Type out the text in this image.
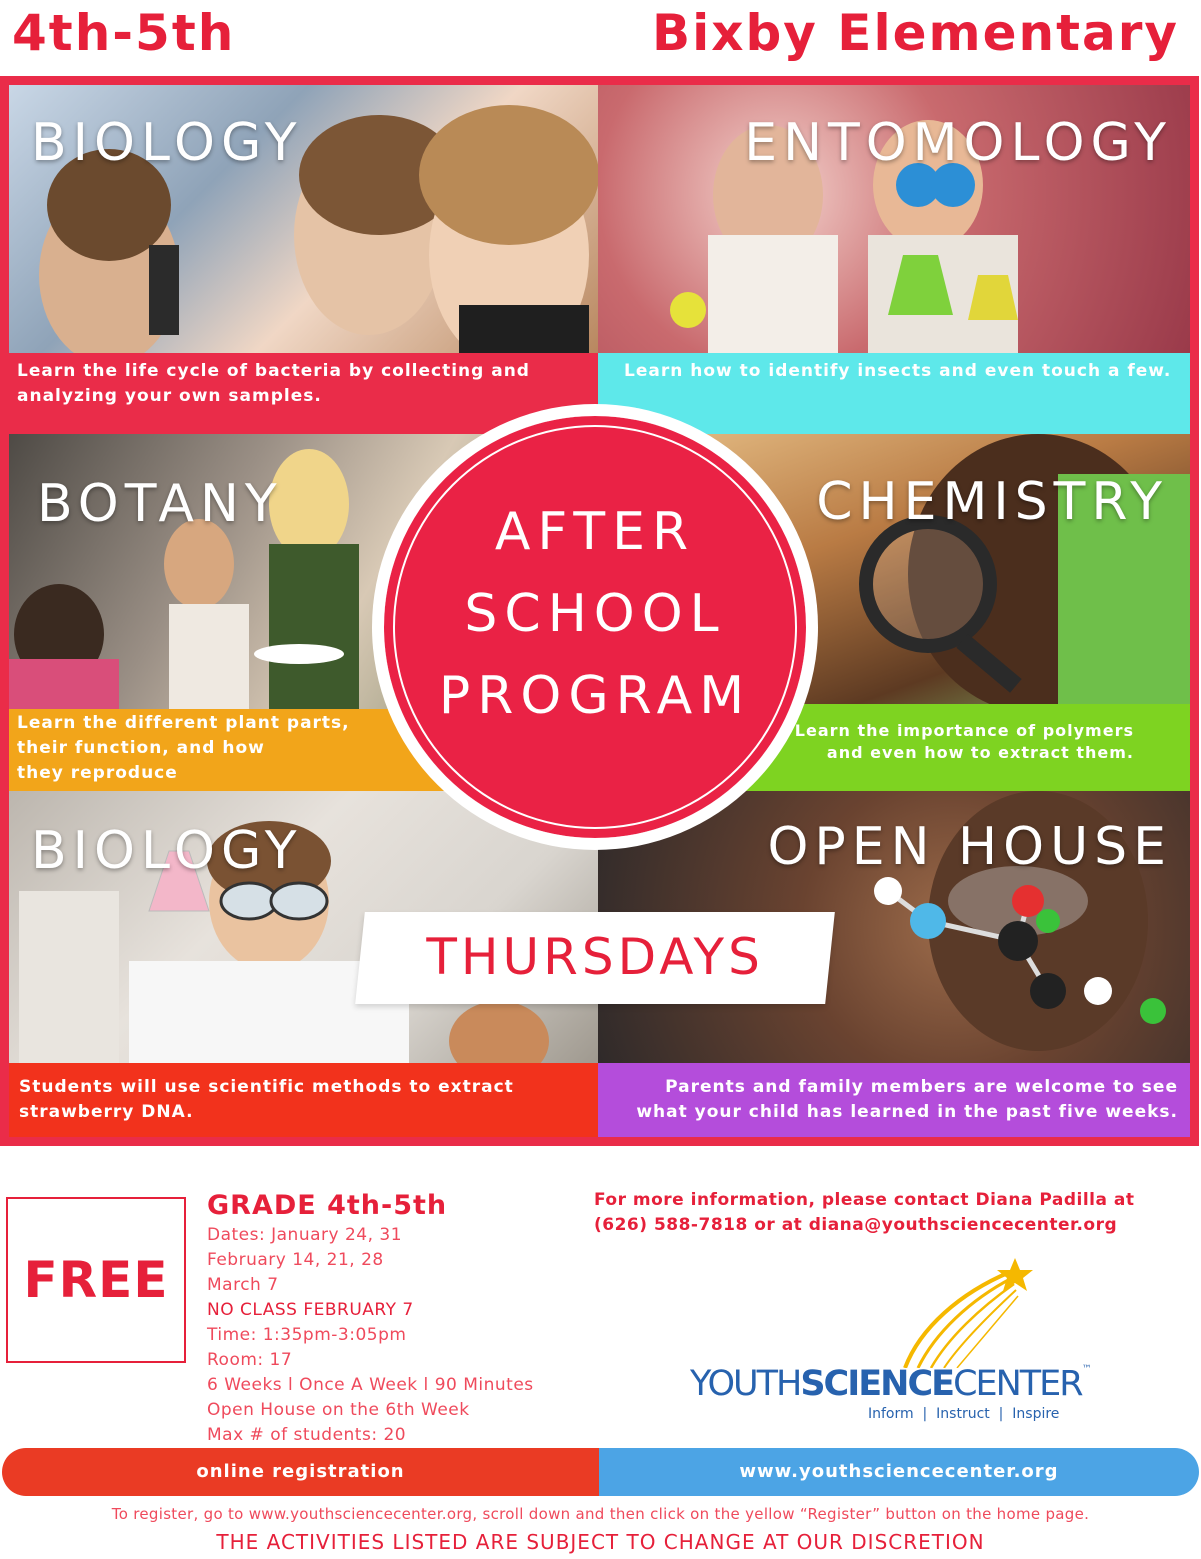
4th-5th	Bixby Elementary
BIOLOGY
Learn the life cycle of bacteria by collecting and
analyzing your own samples.
ENTOMOLOGY
Learn how to identify insects and even touch a few.
BOTANY
Learn the different plant parts,
their function, and how
they reproduce
CHEMISTRY
Learn the importance of polymers
and even how to extract them.
BIOLOGY
Students will use scientific methods to extract
strawberry DNA.
OPEN HOUSE
Parents and family members are welcome to see
what your child has learned in the past five weeks.
AFTER
SCHOOL
PROGRAM
THURSDAYS
FREE
GRADE 4th-5th
Dates: January 24, 31
February 14, 21, 28
March 7
NO CLASS FEBRUARY 7
Time: 1:35pm-3:05pm
Room: 17
6 Weeks l Once A Week l 90 Minutes
Open House on the 6th Week
Max # of students: 20
For more information, please contact Diana Padilla at
(626) 588-7818 or at diana@youthsciencecenter.org
YOUTHSCIENCECENTER™
Inform  |  Instruct  |  Inspire
online registration	www.youthsciencecenter.org
To register, go to www.youthsciencecenter.org, scroll down and then click on the yellow “Register” button on the home page.
THE ACTIVITIES LISTED ARE SUBJECT TO CHANGE AT OUR DISCRETION
